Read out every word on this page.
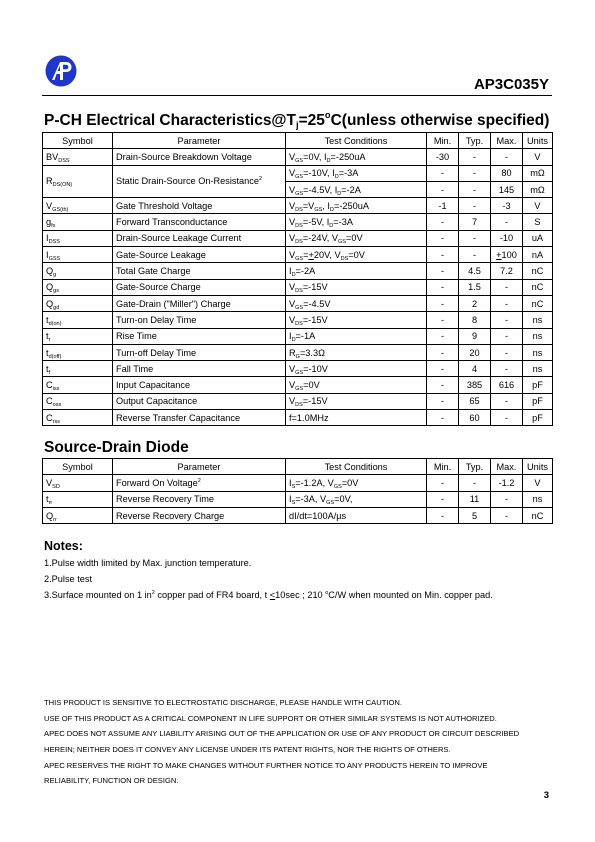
AP3C035Y
P-CH Electrical $Characteristics@Tj=25^oC(unless$ otherwise specified)
Symbol	Parameter	Test Conditions	Min.	Typ.	Max.	Units
$BV_{DSS}$	Drain-Source Breakdown Voltage	$V_{GS}=0V$, $I_D=-250uA$	-30	-	-	V
$R_{DS(ON)}$	Static Drain-Source On-Resistance$^2$	$V_{GS}=-10V$, $I_D=-3A$	-	-	80	mΩ
		$V_{GS}=-4.5V$, $I_D=-2A$	-	-	145	mΩ
$V_{GS(th)}$	Gate Threshold Voltage	$V_{DS}=V_{GS}$, $I_D=-250uA$	-1	-	-3	V
$g_{fs}$	Forward Transconductance	$V_{DS}=-5V$, $I_D=-3A$	-	7	-	S
$I_{DSS}$	Drain-Source Leakage Current	$V_{DS}=-24V$, $V_{GS}=0V$	-	-	-10	uA
$I_{GSS}$	Gate-Source Leakage	$V_{GS}=+20V$, $V_{DS}=0V$	-	-	+100	nA
$Q_g$	Total Gate Charge	$I_D=-2A$	-	4.5	7.2	nC
$Q_{gs}$	Gate-Source Charge	$V_{DS}=-15V$	-	1.5	-	nC
$Q_{gd}$	Gate-Drain ("Miller") Charge	$V_{GS}=-4.5V$	-	2	-	nC
$t_{d(on)}$	Turn-on Delay Time	$V_{DS}=-15V$	-	8	-	ns
$t_r$	Rise Time	$I_D=-1A$	-	9	-	ns
$t_{d(off)}$	Turn-off Delay Time	$R_G=3.3\Omega$	-	20	-	ns
$t_f$	Fall Time	$V_{GS}=-10V$	-	4	-	ns
$C_{iss}$	Input Capacitance	$V_{GS}=0V$	-	385	616	pF
$C_{oss}$	Output Capacitance	$V_{DS}=-15V$	-	65	-	pF
$C_{rss}$	Reverse Transfer Capacitance	f=1.0MHz	-	60	-	pF
Source-Drain Diode
Symbol	Parameter	Test Conditions	Min.	Typ.	Max.	Units
$V_{SD}$	Forward On Voltage$^2$	$I_S=-1.2A$, $V_{GS}=0V$	-	-	-1.2	V
$t_{rr}$	Reverse Recovery Time	$I_S=-3A$, $V_{GS}=0V$,	-	11	-	ns
$Q_{rr}$	Reverse Recovery Charge	dI/dt=100A/µs	-	5	-	nC
Notes:
1.Pulse width limited by Max. junction temperature.
2.Pulse test
3.Surface mounted on 1 $in^2$ copper pad of FR4 board, t <10sec ; 210 $^o$C/W when mounted on Min. copper pad.
THIS PRODUCT IS SENSITIVE TO ELECTROSTATIC DISCHARGE, PLEASE HANDLE WITH CAUTION.
USE OF THIS PRODUCT AS A CRITICAL COMPONENT IN LIFE SUPPORT OR OTHER SIMILAR SYSTEMS IS NOT AUTHORIZED.
APEC DOES NOT ASSUME ANY LIABILITY ARISING OUT OF THE APPLICATION OR USE OF ANY PRODUCT OR CIRCUIT DESCRIBED
HEREIN; NEITHER DOES IT CONVEY ANY LICENSE UNDER ITS PATENT RIGHTS, NOR THE RIGHTS OF OTHERS.
APEC RESERVES THE RIGHT TO MAKE CHANGES WITHOUT FURTHER NOTICE TO ANY PRODUCTS HEREIN TO IMPROVE
RELIABILITY, FUNCTION OR DESIGN.
3
